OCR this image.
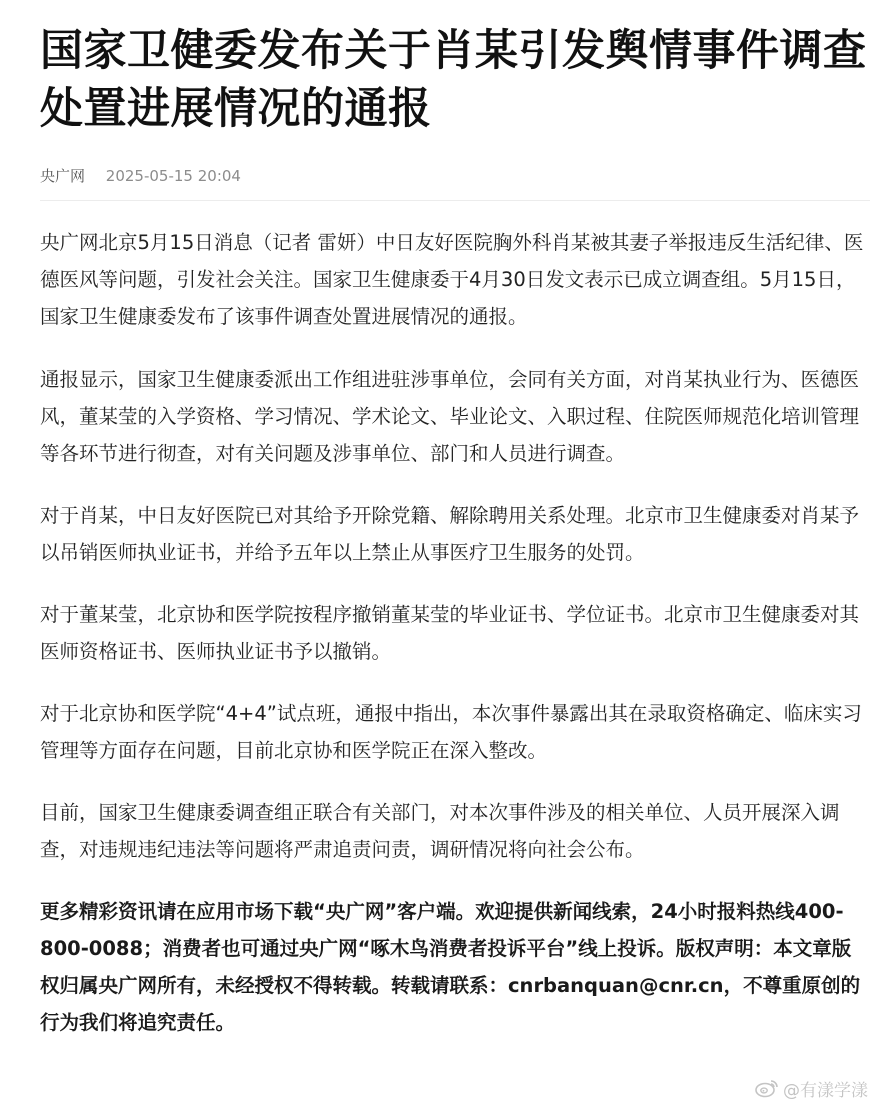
国家卫健委发布关于肖某引发舆情事件调查处置进展情况的通报
央广网 2025-05-15 20:04

央广网北京5月15日消息（记者 雷妍）中日友好医院胸外科肖某被其妻子举报违反生活纪律、医德医风等问题，引发社会关注。国家卫生健康委于4月30日发文表示已成立调查组。5月15日，国家卫生健康委发布了该事件调查处置进展情况的通报。

通报显示，国家卫生健康委派出工作组进驻涉事单位，会同有关方面，对肖某执业行为、医德医风，董某莹的入学资格、学习情况、学术论文、毕业论文、入职过程、住院医师规范化培训管理等各环节进行彻查，对有关问题及涉事单位、部门和人员进行调查。

对于肖某，中日友好医院已对其给予开除党籍、解除聘用关系处理。北京市卫生健康委对肖某予以吊销医师执业证书，并给予五年以上禁止从事医疗卫生服务的处罚。

对于董某莹，北京协和医学院按程序撤销董某莹的毕业证书、学位证书。北京市卫生健康委对其医师资格证书、医师执业证书予以撤销。

对于北京协和医学院“4+4”试点班，通报中指出，本次事件暴露出其在录取资格确定、临床实习管理等方面存在问题，目前北京协和医学院正在深入整改。

目前，国家卫生健康委调查组正联合有关部门，对本次事件涉及的相关单位、人员开展深入调查，对违规违纪违法等问题将严肃追责问责，调研情况将向社会公布。

更多精彩资讯请在应用市场下载“央广网”客户端。欢迎提供新闻线索，24小时报料热线400-800-0088；消费者也可通过央广网“啄木鸟消费者投诉平台”线上投诉。版权声明：本文章版权归属央广网所有，未经授权不得转载。转载请联系：cnrbanquan@cnr.cn，不尊重原创的行为我们将追究责任。

@有漾学漾
